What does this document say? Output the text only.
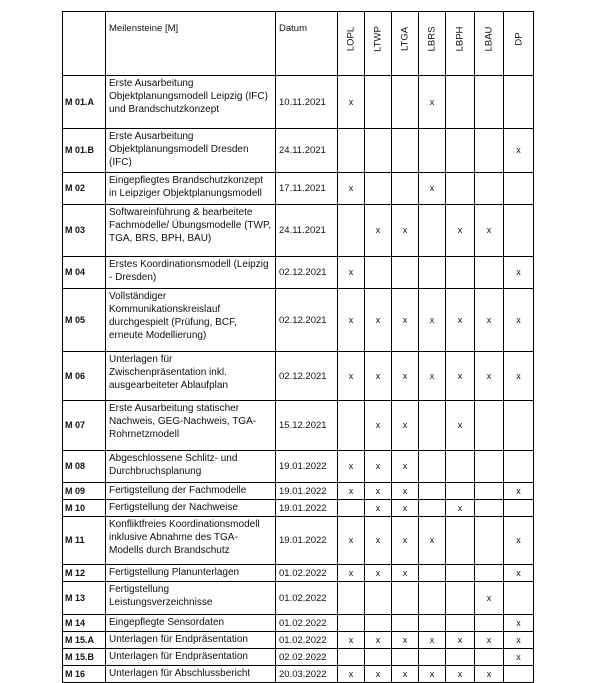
	Meilensteine [M]	Datum	LOPL	LTWP	LTGA	LBRS	LBPH	LBAU	DP

M 01.A	Erste Ausarbeitung Objektplanungsmodell Leipzig (IFC) und Brandschutzkonzept	10.11.2021	x			x			
M 01.B	Erste Ausarbeitung Objektplanungsmodell Dresden (IFC)	24.11.2021							x
M 02	Eingepflegtes Brandschutzkonzept in Leipziger Objektplanungsmodell	17.11.2021	x			x			
M 03	Softwareinführung & bearbeitete Fachmodelle/ Übungsmodelle (TWP, TGA, BRS, BPH, BAU)	24.11.2021		x	x		x	x	
M 04	Erstes Koordinationsmodell (Leipzig - Dresden)	02.12.2021	x						x
M 05	Vollständiger Kommunikationskreislauf durchgespielt (Prüfung, BCF, erneute Modellierung)	02.12.2021	x	x	x	x	x	x	x
M 06	Unterlagen für Zwischenpräsentation inkl. ausgearbeiteter Ablaufplan	02.12.2021	x	x	x	x	x	x	x
M 07	Erste Ausarbeitung statischer Nachweis, GEG-Nachweis, TGA-Rohrnetzmodell	15.12.2021		x	x		x		
M 08	Abgeschlossene Schlitz- und Durchbruchsplanung	19.01.2022	x	x	x				
M 09	Fertigstellung der Fachmodelle	19.01.2022	x	x	x				x
M 10	Fertigstellung der Nachweise	19.01.2022		x	x		x		
M 11	Konfliktfreies Koordinationsmodell inklusive Abnahme des TGA-Modells durch Brandschutz	19.01.2022	x	x	x	x			x
M 12	Fertigstellung Planunterlagen	01.02.2022	x	x	x				x
M 13	Fertigstellung Leistungsverzeichnisse	01.02.2022						x	
M 14	Eingepflegte Sensordaten	01.02.2022							x
M 15.A	Unterlagen für Endpräsentation	01.02.2022	x	x	x	x	x	x	x
M 15.B	Unterlagen für Endpräsentation	02.02.2022							x
M 16	Unterlagen für Abschlussbericht	20.03.2022	x	x	x	x	x	x	
